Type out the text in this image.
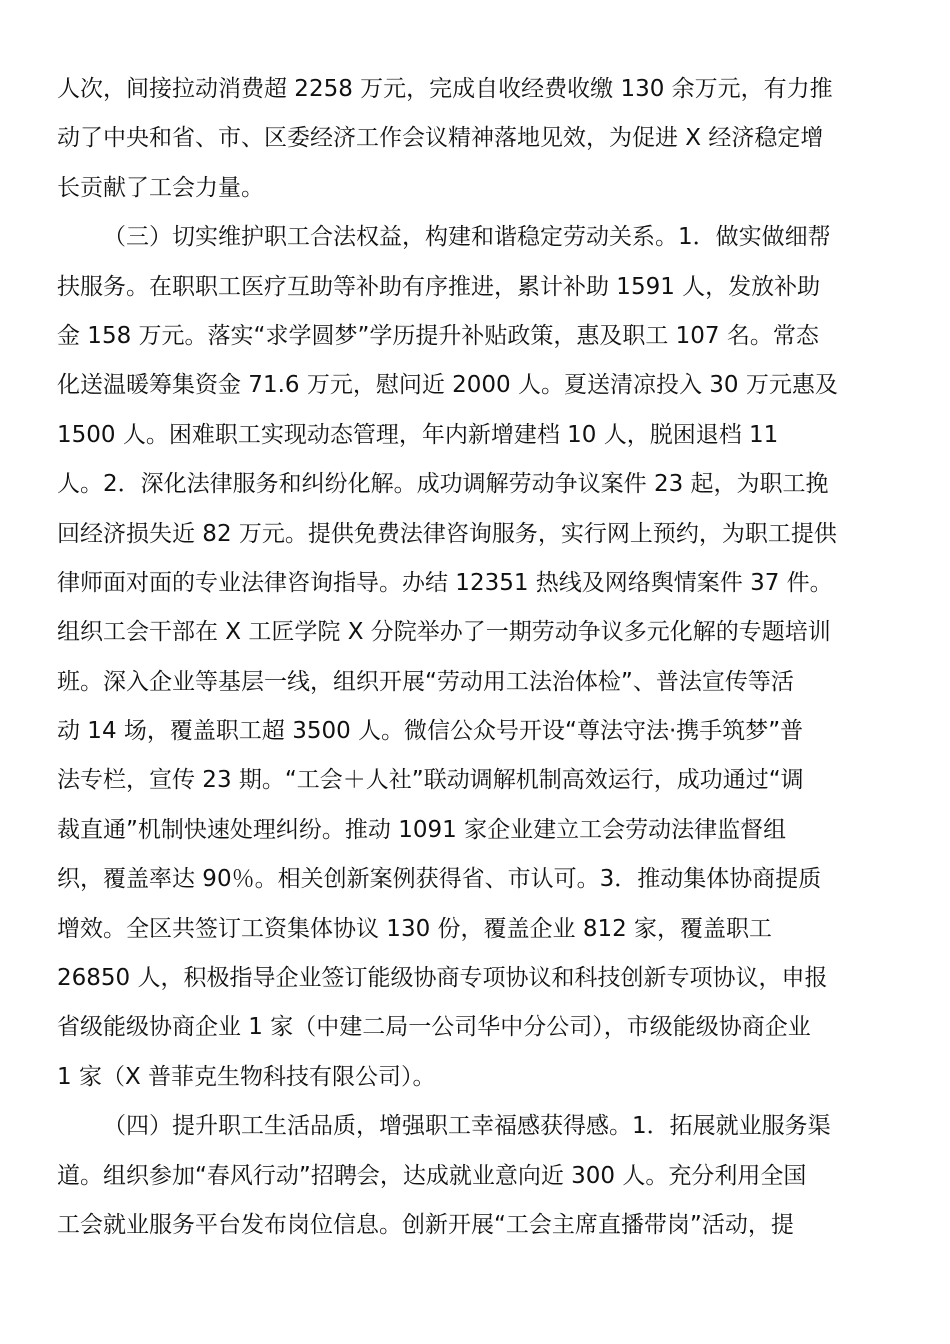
人次，间接拉动消费超 2258 万元，完成自收经费收缴 130 余万元，有力推
动了中央和省、市、区委经济工作会议精神落地见效，为促进 X 经济稳定增
长贡献了工会力量。
（三）切实维护职工合法权益，构建和谐稳定劳动关系。1．做实做细帮
扶服务。在职职工医疗互助等补助有序推进，累计补助 1591 人，发放补助
金 158 万元。落实“求学圆梦”学历提升补贴政策，惠及职工 107 名。常态
化送温暖筹集资金 71.6 万元，慰问近 2000 人。夏送清凉投入 30 万元惠及
1500 人。困难职工实现动态管理，年内新增建档 10 人，脱困退档 11
人。2．深化法律服务和纠纷化解。成功调解劳动争议案件 23 起，为职工挽
回经济损失近 82 万元。提供免费法律咨询服务，实行网上预约，为职工提供
律师面对面的专业法律咨询指导。办结 12351 热线及网络舆情案件 37 件。
组织工会干部在 X 工匠学院 X 分院举办了一期劳动争议多元化解的专题培训
班。深入企业等基层一线，组织开展“劳动用工法治体检”、普法宣传等活
动 14 场，覆盖职工超 3500 人。微信公众号开设“尊法守法·携手筑梦”普
法专栏，宣传 23 期。“工会＋人社”联动调解机制高效运行，成功通过“调
裁直通”机制快速处理纠纷。推动 1091 家企业建立工会劳动法律监督组
织，覆盖率达 90％。相关创新案例获得省、市认可。3．推动集体协商提质
增效。全区共签订工资集体协议 130 份，覆盖企业 812 家，覆盖职工
26850 人，积极指导企业签订能级协商专项协议和科技创新专项协议，申报
省级能级协商企业 1 家（中建二局一公司华中分公司），市级能级协商企业
1 家（X 普菲克生物科技有限公司）。
（四）提升职工生活品质，增强职工幸福感获得感。1．拓展就业服务渠
道。组织参加“春风行动”招聘会，达成就业意向近 300 人。充分利用全国
工会就业服务平台发布岗位信息。创新开展“工会主席直播带岗”活动，提
